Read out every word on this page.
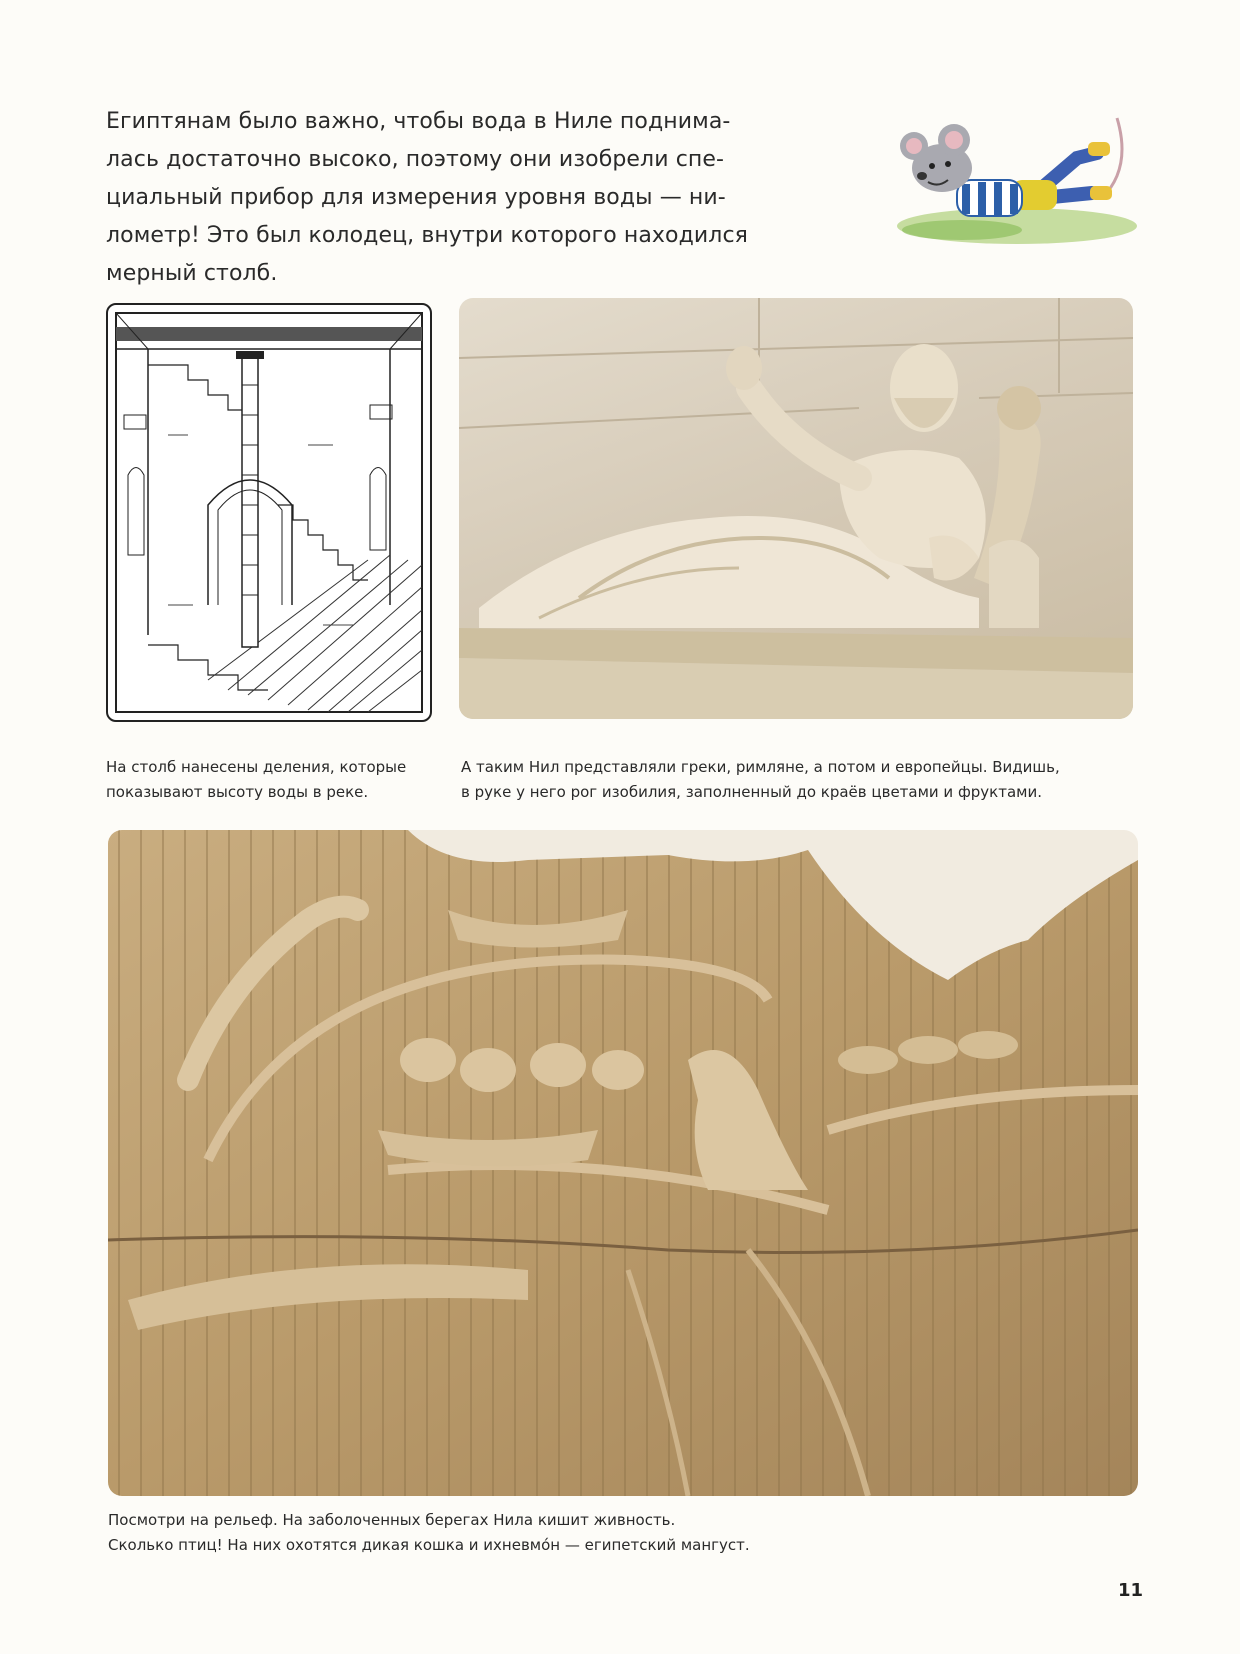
Египтянам было важно, чтобы вода в Ниле поднима-

лась достаточно высоко, поэтому они изобрели спе-

циальный прибор для измерения уровня воды — ни-

лометр! Это был колодец, внутри которого находился

мерный столб.

На столб нанесены деления, которые

показывают высоту воды в реке.

А таким Нил представляли греки, римляне, а потом и европейцы. Видишь,

в руке у него рог изобилия, заполненный до краёв цветами и фруктами.

Посмотри на рельеф. На заболоченных берегах Нила кишит живность.

Сколько птиц! На них охотятся дикая кошка и ихневмо́н — египетский мангуст.

11
